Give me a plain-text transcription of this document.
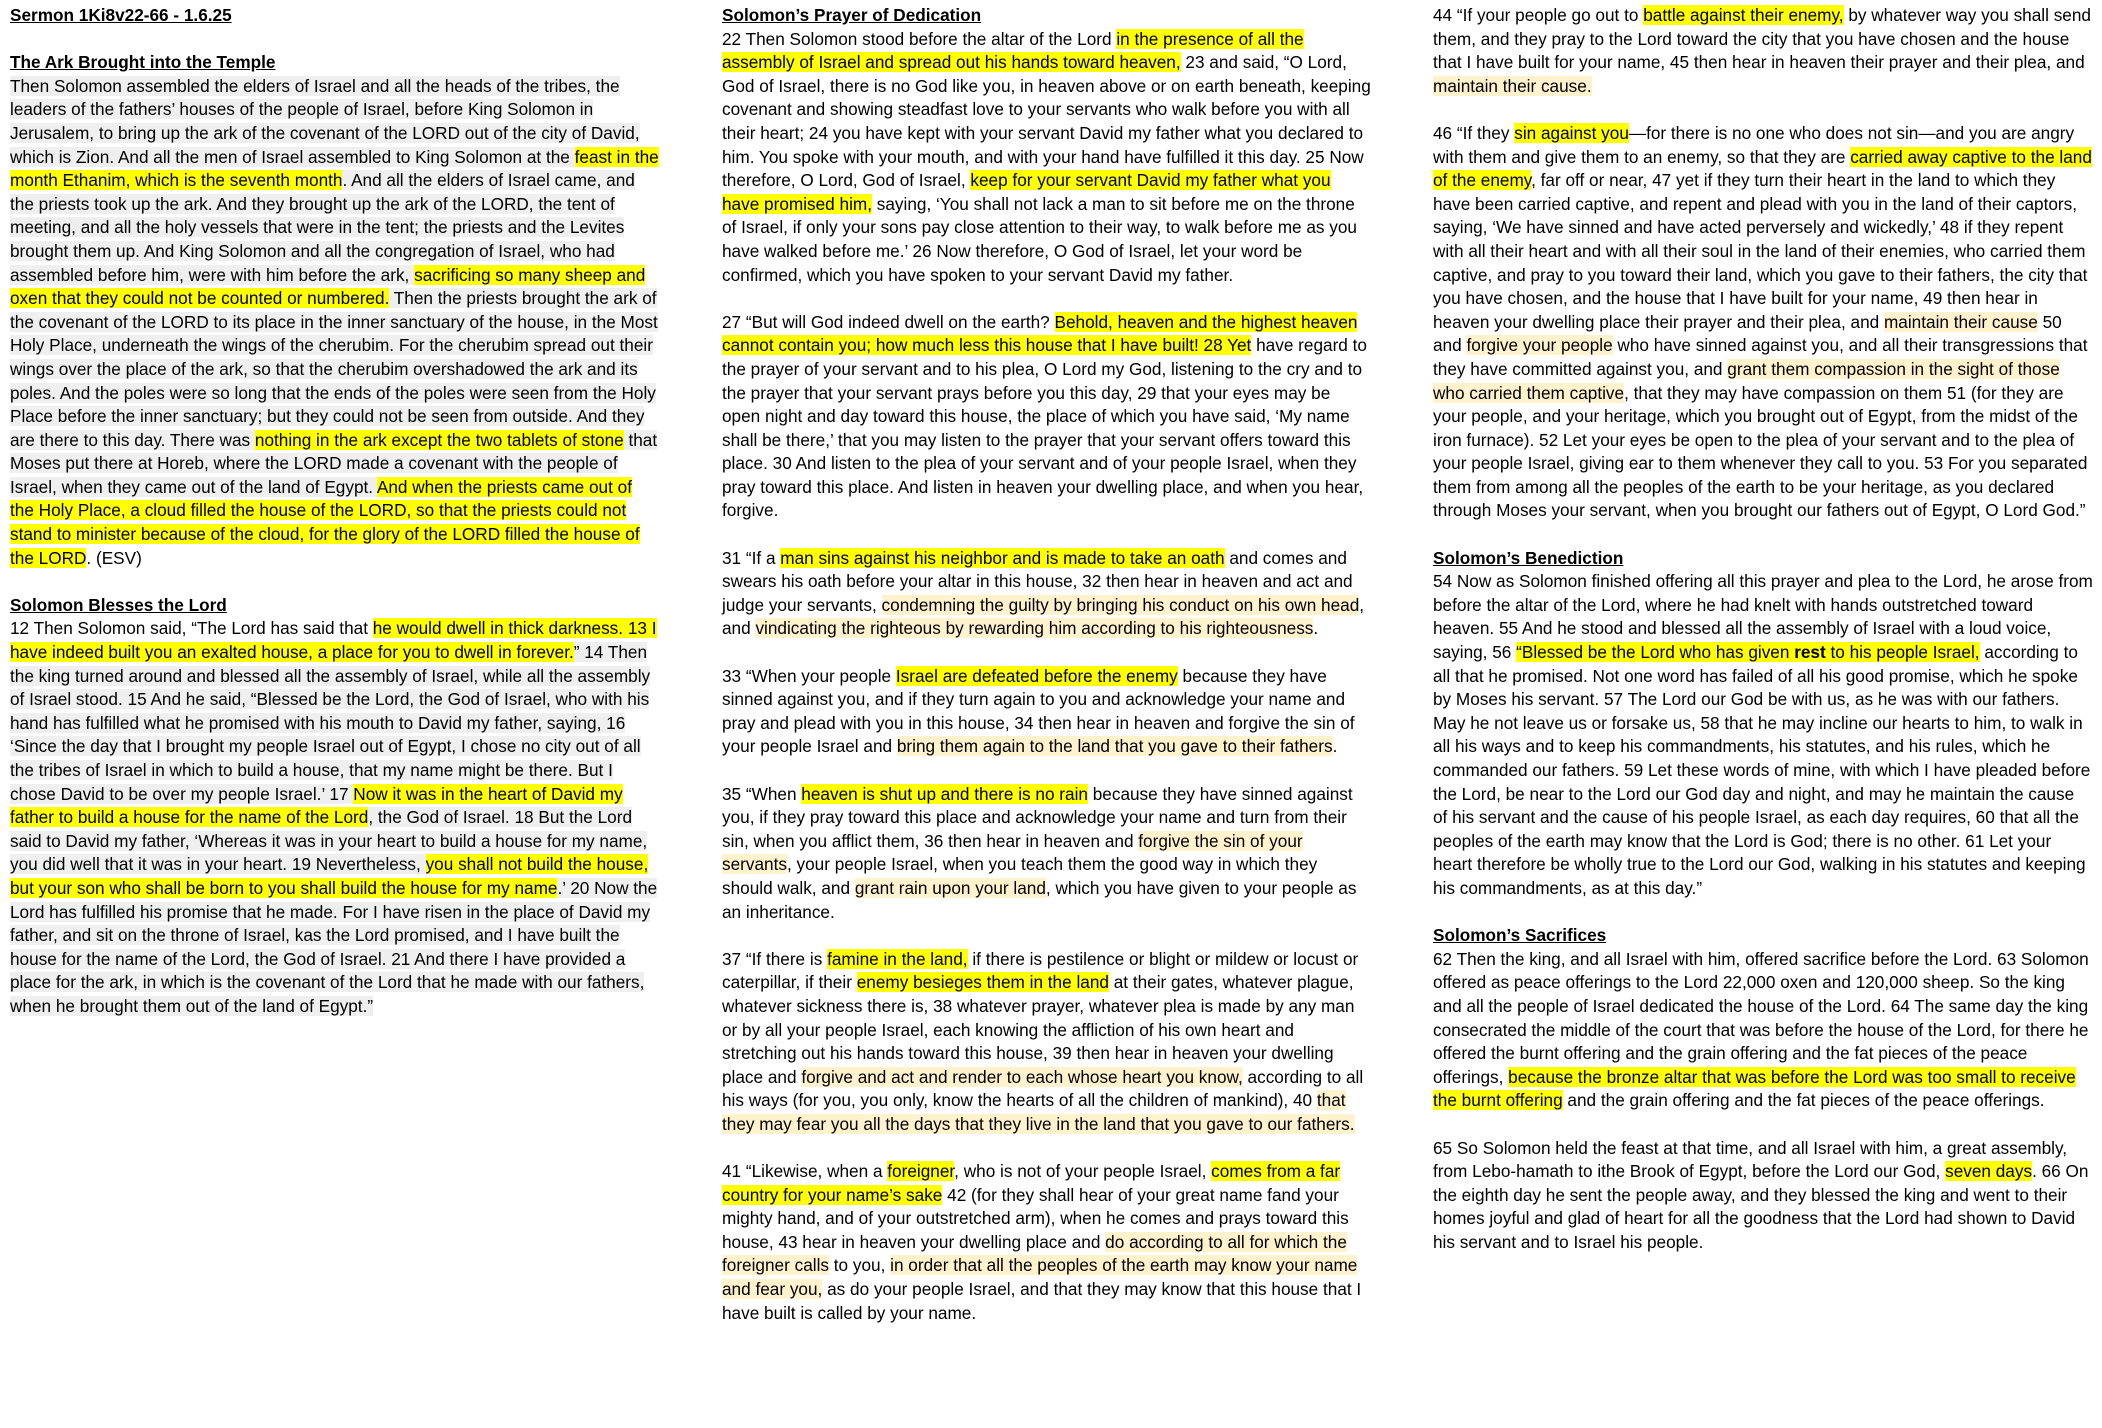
Sermon 1Ki8v22-66 - 1.6.25
The Ark Brought into the Temple

Then Solomon assembled the elders of Israel and all the heads of the tribes, the leaders of the fathers’ houses of the people of Israel, before King Solomon in Jerusalem, to bring up the ark of the covenant of the LORD out of the city of David, which is Zion. And all the men of Israel assembled to King Solomon at the feast in the month Ethanim, which is the seventh month. And all the elders of Israel came, and the priests took up the ark. And they brought up the ark of the LORD, the tent of meeting, and all the holy vessels that were in the tent; the priests and the Levites brought them up. And King Solomon and all the congregation of Israel, who had assembled before him, were with him before the ark, sacrificing so many sheep and oxen that they could not be counted or numbered. Then the priests brought the ark of the covenant of the LORD to its place in the inner sanctuary of the house, in the Most Holy Place, underneath the wings of the cherubim. For the cherubim spread out their wings over the place of the ark, so that the cherubim overshadowed the ark and its poles. And the poles were so long that the ends of the poles were seen from the Holy Place before the inner sanctuary; but they could not be seen from outside. And they are there to this day. There was nothing in the ark except the two tablets of stone that Moses put there at Horeb, where the LORD made a covenant with the people of Israel, when they came out of the land of Egypt. And when the priests came out of the Holy Place, a cloud filled the house of the LORD, so that the priests could not stand to minister because of the cloud, for the glory of the LORD filled the house of the LORD. (ESV)

Solomon Blesses the Lord

12 Then Solomon said, “The Lord has said that he would dwell in thick darkness. 13 I have indeed built you an exalted house, a place for you to dwell in forever.” 14 Then the king turned around and blessed all the assembly of Israel, while all the assembly of Israel stood. 15 And he said, “Blessed be the Lord, the God of Israel, who with his hand has fulfilled what he promised with his mouth to David my father, saying, 16 ‘Since the day that I brought my people Israel out of Egypt, I chose no city out of all the tribes of Israel in which to build a house, that my name might be there. But I chose David to be over my people Israel.’ 17 Now it was in the heart of David my father to build a house for the name of the Lord, the God of Israel. 18 But the Lord said to David my father, ‘Whereas it was in your heart to build a house for my name, you did well that it was in your heart. 19 Nevertheless, you shall not build the house, but your son who shall be born to you shall build the house for my name.’ 20 Now the Lord has fulfilled his promise that he made. For I have risen in the place of David my father, and sit on the throne of Israel, kas the Lord promised, and I have built the house for the name of the Lord, the God of Israel. 21 And there I have provided a place for the ark, in which is the covenant of the Lord that he made with our fathers, when he brought them out of the land of Egypt.”

Solomon’s Prayer of Dedication

22 Then Solomon stood before the altar of the Lord in the presence of all the assembly of Israel and spread out his hands toward heaven, 23 and said, “O Lord, God of Israel, there is no God like you, in heaven above or on earth beneath, keeping covenant and showing steadfast love to your servants who walk before you with all their heart; 24 you have kept with your servant David my father what you declared to him. You spoke with your mouth, and with your hand have fulfilled it this day. 25 Now therefore, O Lord, God of Israel, keep for your servant David my father what you have promised him, saying, ‘You shall not lack a man to sit before me on the throne of Israel, if only your sons pay close attention to their way, to walk before me as you have walked before me.’ 26 Now therefore, O God of Israel, let your word be confirmed, which you have spoken to your servant David my father.

27 “But will God indeed dwell on the earth? Behold, heaven and the highest heaven cannot contain you; how much less this house that I have built! 28 Yet have regard to the prayer of your servant and to his plea, O Lord my God, listening to the cry and to the prayer that your servant prays before you this day, 29 that your eyes may be open night and day toward this house, the place of which you have said, ‘My name shall be there,’ that you may listen to the prayer that your servant offers toward this place. 30 And listen to the plea of your servant and of your people Israel, when they pray toward this place. And listen in heaven your dwelling place, and when you hear, forgive.

31 “If a man sins against his neighbor and is made to take an oath and comes and swears his oath before your altar in this house, 32 then hear in heaven and act and judge your servants, condemning the guilty by bringing his conduct on his own head, and vindicating the righteous by rewarding him according to his righteousness.

33 “When your people Israel are defeated before the enemy because they have sinned against you, and if they turn again to you and acknowledge your name and pray and plead with you in this house, 34 then hear in heaven and forgive the sin of your people Israel and bring them again to the land that you gave to their fathers.

35 “When heaven is shut up and there is no rain because they have sinned against you, if they pray toward this place and acknowledge your name and turn from their sin, when you afflict them, 36 then hear in heaven and forgive the sin of your servants, your people Israel, when you teach them the good way in which they should walk, and grant rain upon your land, which you have given to your people as an inheritance.

37 “If there is famine in the land, if there is pestilence or blight or mildew or locust or caterpillar, if their enemy besieges them in the land at their gates, whatever plague, whatever sickness there is, 38 whatever prayer, whatever plea is made by any man or by all your people Israel, each knowing the affliction of his own heart and stretching out his hands toward this house, 39 then hear in heaven your dwelling place and forgive and act and render to each whose heart you know, according to all his ways (for you, you only, know the hearts of all the children of mankind), 40 that they may fear you all the days that they live in the land that you gave to our fathers.

41 “Likewise, when a foreigner, who is not of your people Israel, comes from a far country for your name’s sake 42 (for they shall hear of your great name fand your mighty hand, and of your outstretched arm), when he comes and prays toward this house, 43 hear in heaven your dwelling place and do according to all for which the foreigner calls to you, in order that all the peoples of the earth may know your name and fear you, as do your people Israel, and that they may know that this house that I have built is called by your name.

44 “If your people go out to battle against their enemy, by whatever way you shall send them, and they pray to the Lord toward the city that you have chosen and the house that I have built for your name, 45 then hear in heaven their prayer and their plea, and maintain their cause.

46 “If they sin against you—for there is no one who does not sin—and you are angry with them and give them to an enemy, so that they are carried away captive to the land of the enemy, far off or near, 47 yet if they turn their heart in the land to which they have been carried captive, and repent and plead with you in the land of their captors, saying, ‘We have sinned and have acted perversely and wickedly,’ 48 if they repent with all their heart and with all their soul in the land of their enemies, who carried them captive, and pray to you toward their land, which you gave to their fathers, the city that you have chosen, and the house that I have built for your name, 49 then hear in heaven your dwelling place their prayer and their plea, and maintain their cause 50 and forgive your people who have sinned against you, and all their transgressions that they have committed against you, and grant them compassion in the sight of those who carried them captive, that they may have compassion on them 51 (for they are your people, and your heritage, which you brought out of Egypt, from the midst of the iron furnace). 52 Let your eyes be open to the plea of your servant and to the plea of your people Israel, giving ear to them whenever they call to you. 53 For you separated them from among all the peoples of the earth to be your heritage, as you declared through Moses your servant, when you brought our fathers out of Egypt, O Lord God.”

Solomon’s Benediction

54 Now as Solomon finished offering all this prayer and plea to the Lord, he arose from before the altar of the Lord, where he had knelt with hands outstretched toward heaven. 55 And he stood and blessed all the assembly of Israel with a loud voice, saying, 56 “Blessed be the Lord who has given rest to his people Israel, according to all that he promised. Not one word has failed of all his good promise, which he spoke by Moses his servant. 57 The Lord our God be with us, as he was with our fathers. May he not leave us or forsake us, 58 that he may incline our hearts to him, to walk in all his ways and to keep his commandments, his statutes, and his rules, which he commanded our fathers. 59 Let these words of mine, with which I have pleaded before the Lord, be near to the Lord our God day and night, and may he maintain the cause of his servant and the cause of his people Israel, as each day requires, 60 that all the peoples of the earth may know that the Lord is God; there is no other. 61 Let your heart therefore be wholly true to the Lord our God, walking in his statutes and keeping his commandments, as at this day.”

Solomon’s Sacrifices

62 Then the king, and all Israel with him, offered sacrifice before the Lord. 63 Solomon offered as peace offerings to the Lord 22,000 oxen and 120,000 sheep. So the king and all the people of Israel dedicated the house of the Lord. 64 The same day the king consecrated the middle of the court that was before the house of the Lord, for there he offered the burnt offering and the grain offering and the fat pieces of the peace offerings, because the bronze altar that was before the Lord was too small to receive the burnt offering and the grain offering and the fat pieces of the peace offerings.

65 So Solomon held the feast at that time, and all Israel with him, a great assembly, from Lebo-hamath to ithe Brook of Egypt, before the Lord our God, seven days. 66 On the eighth day he sent the people away, and they blessed the king and went to their homes joyful and glad of heart for all the goodness that the Lord had shown to David his servant and to Israel his people.
